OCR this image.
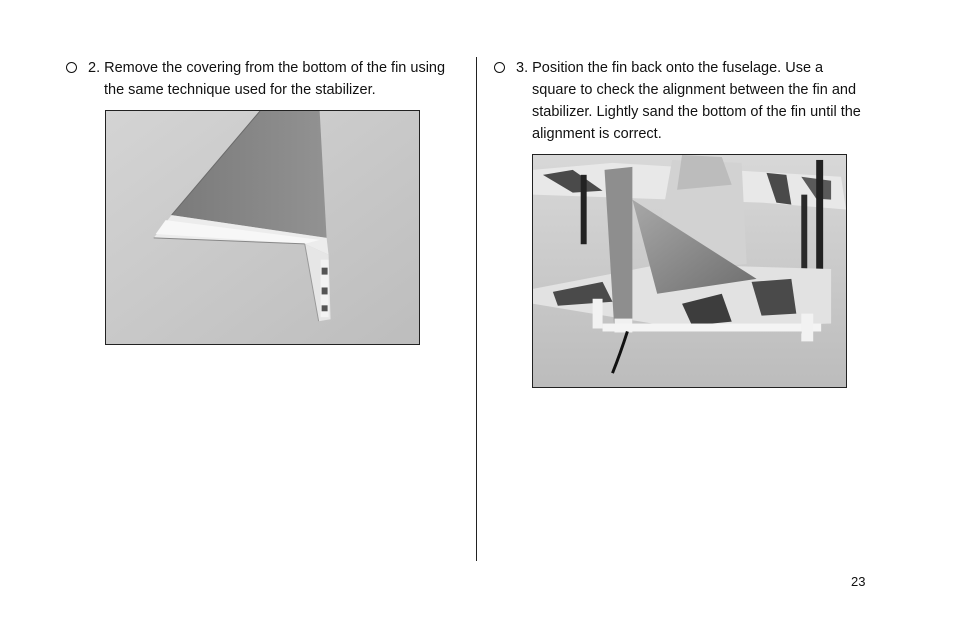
2. Remove the covering from the bottom of the fin using
the same technique used for the stabilizer.
3. Position the fin back onto the fuselage. Use a
square to check the alignment between the fin and
stabilizer. Lightly sand the bottom of the fin until the
alignment is correct.
23
